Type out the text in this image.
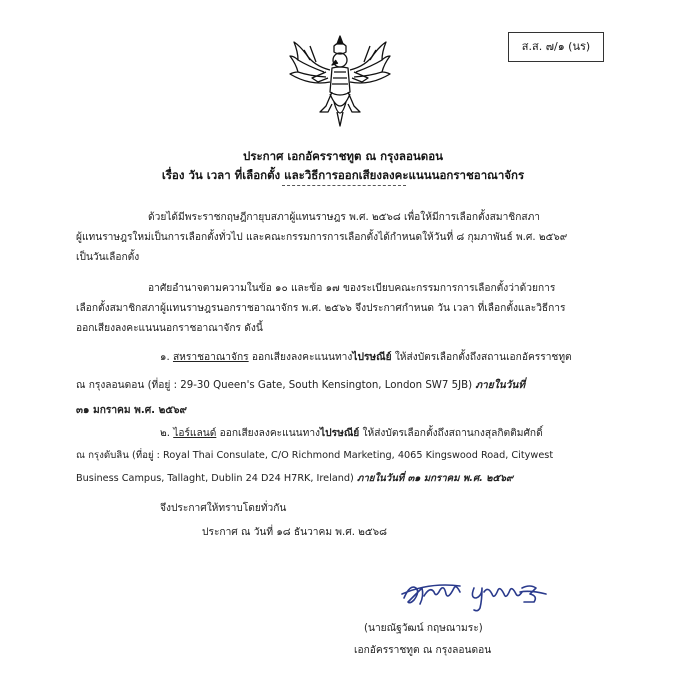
ส.ส. ๗/๑ (นร)
ประกาศ เอกอัครราชทูต ณ กรุงลอนดอน
เรื่อง วัน เวลา ที่เลือกตั้ง และวิธีการออกเสียงลงคะแนนนอกราชอาณาจักร
ด้วยได้มีพระราชกฤษฎีกายุบสภาผู้แทนราษฎร พ.ศ. ๒๕๖๘ เพื่อให้มีการเลือกตั้งสมาชิกสภา
ผู้แทนราษฎรใหม่เป็นการเลือกตั้งทั่วไป และคณะกรรมการการเลือกตั้งได้กำหนดให้วันที่ ๘ กุมภาพันธ์ พ.ศ. ๒๕๖๙
เป็นวันเลือกตั้ง
อาศัยอำนาจตามความในข้อ ๑๐ และข้อ ๑๗ ของระเบียบคณะกรรมการการเลือกตั้งว่าด้วยการ
เลือกตั้งสมาชิกสภาผู้แทนราษฎรนอกราชอาณาจักร พ.ศ. ๒๕๖๖ จึงประกาศกำหนด วัน เวลา ที่เลือกตั้งและวิธีการ
ออกเสียงลงคะแนนนอกราชอาณาจักร ดังนี้
๑. สหราชอาณาจักร ออกเสียงลงคะแนนทางไปรษณีย์ ให้ส่งบัตรเลือกตั้งถึงสถานเอกอัครราชทูต
ณ กรุงลอนดอน (ที่อยู่ : 29-30 Queen's Gate, South Kensington, London SW7 5JB) ภายในวันที่
๓๑ มกราคม พ.ศ. ๒๕๖๙
๒. ไอร์แลนด์ ออกเสียงลงคะแนนทางไปรษณีย์ ให้ส่งบัตรเลือกตั้งถึงสถานกงสุลกิตติมศักดิ์
ณ กรุงดับลิน (ที่อยู่ : Royal Thai Consulate, C/O Richmond Marketing, 4065 Kingswood Road, Citywest
Business Campus, Tallaght, Dublin 24 D24 H7RK, Ireland) ภายในวันที่ ๓๑ มกราคม พ.ศ. ๒๕๖๙
จึงประกาศให้ทราบโดยทั่วกัน
ประกาศ ณ วันที่ ๑๘ ธันวาคม พ.ศ. ๒๕๖๘
(นายณัฐวัฒน์ กฤษณามระ)
เอกอัครราชทูต ณ กรุงลอนดอน
